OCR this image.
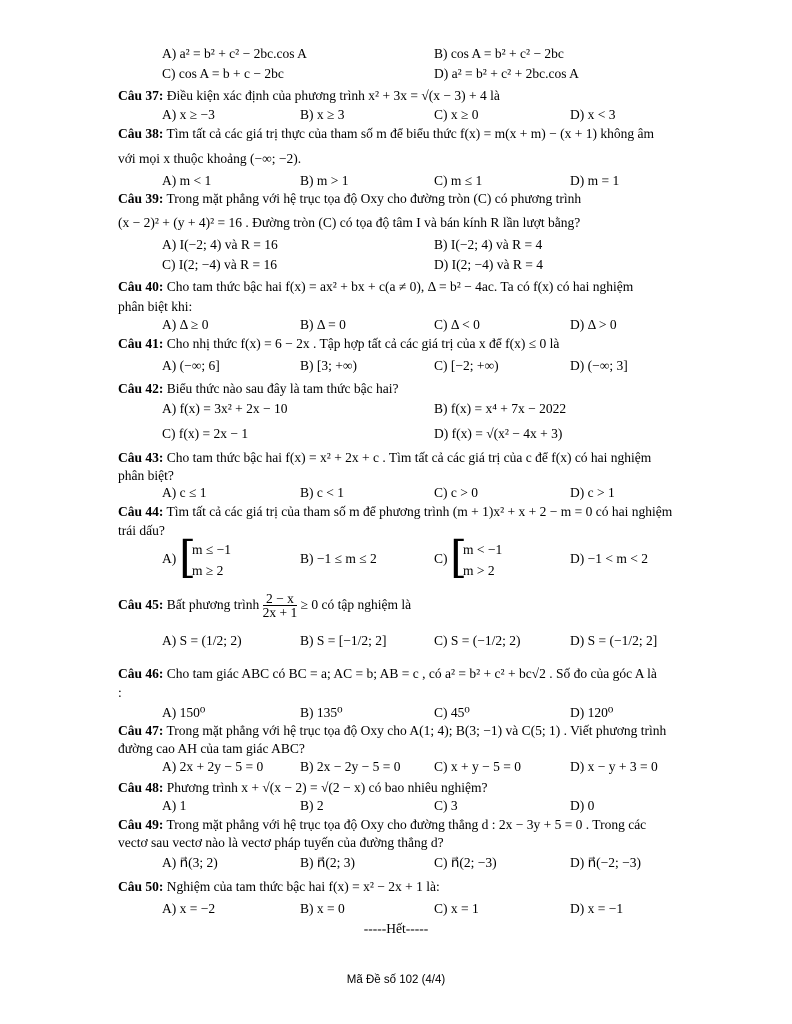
A) a² = b² + c² − 2bc.cos A	B) cos A = b² + c² − 2bc
C) cos A = b + c − 2bc	D) a² = b² + c² + 2bc.cos A
Câu 37: Điều kiện xác định của phương trình x² + 3x = √(x − 3) + 4 là
A) x ≥ −3	B) x ≥ 3	C) x ≥ 0	D) x < 3
Câu 38: Tìm tất cả các giá trị thực của tham số m để biểu thức f(x) = m(x + m) − (x + 1) không âm
với mọi x thuộc khoảng (−∞; −2).
A) m < 1	B) m > 1	C) m ≤ 1	D) m = 1
Câu 39: Trong mặt phẳng với hệ trục tọa độ Oxy cho đường tròn (C) có phương trình
(x − 2)² + (y + 4)² = 16 . Đường tròn (C) có tọa độ tâm I và bán kính R lần lượt bằng?
A) I(−2; 4) và R = 16	B) I(−2; 4) và R = 4
C) I(2; −4) và R = 16	D) I(2; −4) và R = 4
Câu 40: Cho tam thức bậc hai f(x) = ax² + bx + c(a ≠ 0), Δ = b² − 4ac. Ta có f(x) có hai nghiệm
phân biệt khi:
A) Δ ≥ 0	B) Δ = 0	C) Δ < 0	D) Δ > 0
Câu 41: Cho nhị thức f(x) = 6 − 2x . Tập hợp tất cả các giá trị của x để f(x) ≤ 0 là
A) (−∞; 6]	B) [3; +∞)	C) [−2; +∞)	D) (−∞; 3]
Câu 42: Biểu thức nào sau đây là tam thức bậc hai?
A) f(x) = 3x² + 2x − 10	B) f(x) = x⁴ + 7x − 2022
C) f(x) = 2x − 1	D) f(x) = √(x² − 4x + 3)
Câu 43: Cho tam thức bậc hai f(x) = x² + 2x + c . Tìm tất cả các giá trị của c để f(x) có hai nghiệm
phân biệt?
A) c ≤ 1	B) c < 1	C) c > 0	D) c > 1
Câu 44: Tìm tất cả các giá trị của tham số m để phương trình (m + 1)x² + x + 2 − m = 0 có hai nghiệm
trái dấu?
A) [
m ≤ −1
m ≥ 2
B) −1 ≤ m ≤ 2	C) [
m < −1
m > 2
D) −1 < m < 2
Câu 45: Bất phương trình $\frac{2 - x}{2x + 1} \ge 0$ có tập nghiệm là
A) S = (1/2; 2)	B) S = [−1/2; 2]	C) S = (−1/2; 2)	D) S = (−1/2; 2]
Câu 46: Cho tam giác ABC có BC = a; AC = b; AB = c , có a² = b² + c² + bc√2 . Số đo của góc A là
:
A) 150⁰	B) 135⁰	C) 45⁰	D) 120⁰
Câu 47: Trong mặt phẳng với hệ trục tọa độ Oxy cho A(1; 4); B(3; −1) và C(5; 1) . Viết phương trình
đường cao AH của tam giác ABC?
A) 2x + 2y − 5 = 0	B) 2x − 2y − 5 = 0 C) x + y − 5 = 0	D) x − y + 3 = 0
Câu 48: Phương trình x + √(x − 2) = √(2 − x) có bao nhiêu nghiệm?
A) 1	B) 2	C) 3	D) 0
Câu 49: Trong mặt phẳng với hệ trục tọa độ Oxy cho đường thẳng d : 2x − 3y + 5 = 0 . Trong các
vectơ sau vectơ nào là vectơ pháp tuyến của đường thẳng d?
A) n⃗(3; 2)	B) n⃗(2; 3)	C) n⃗(2; −3)	D) n⃗(−2; −3)
Câu 50: Nghiệm của tam thức bậc hai f(x) = x² − 2x + 1 là:
A) x = −2	B) x = 0	C) x = 1	D) x = −1
-----Hết-----
Mã Đề số 102 (4/4)
